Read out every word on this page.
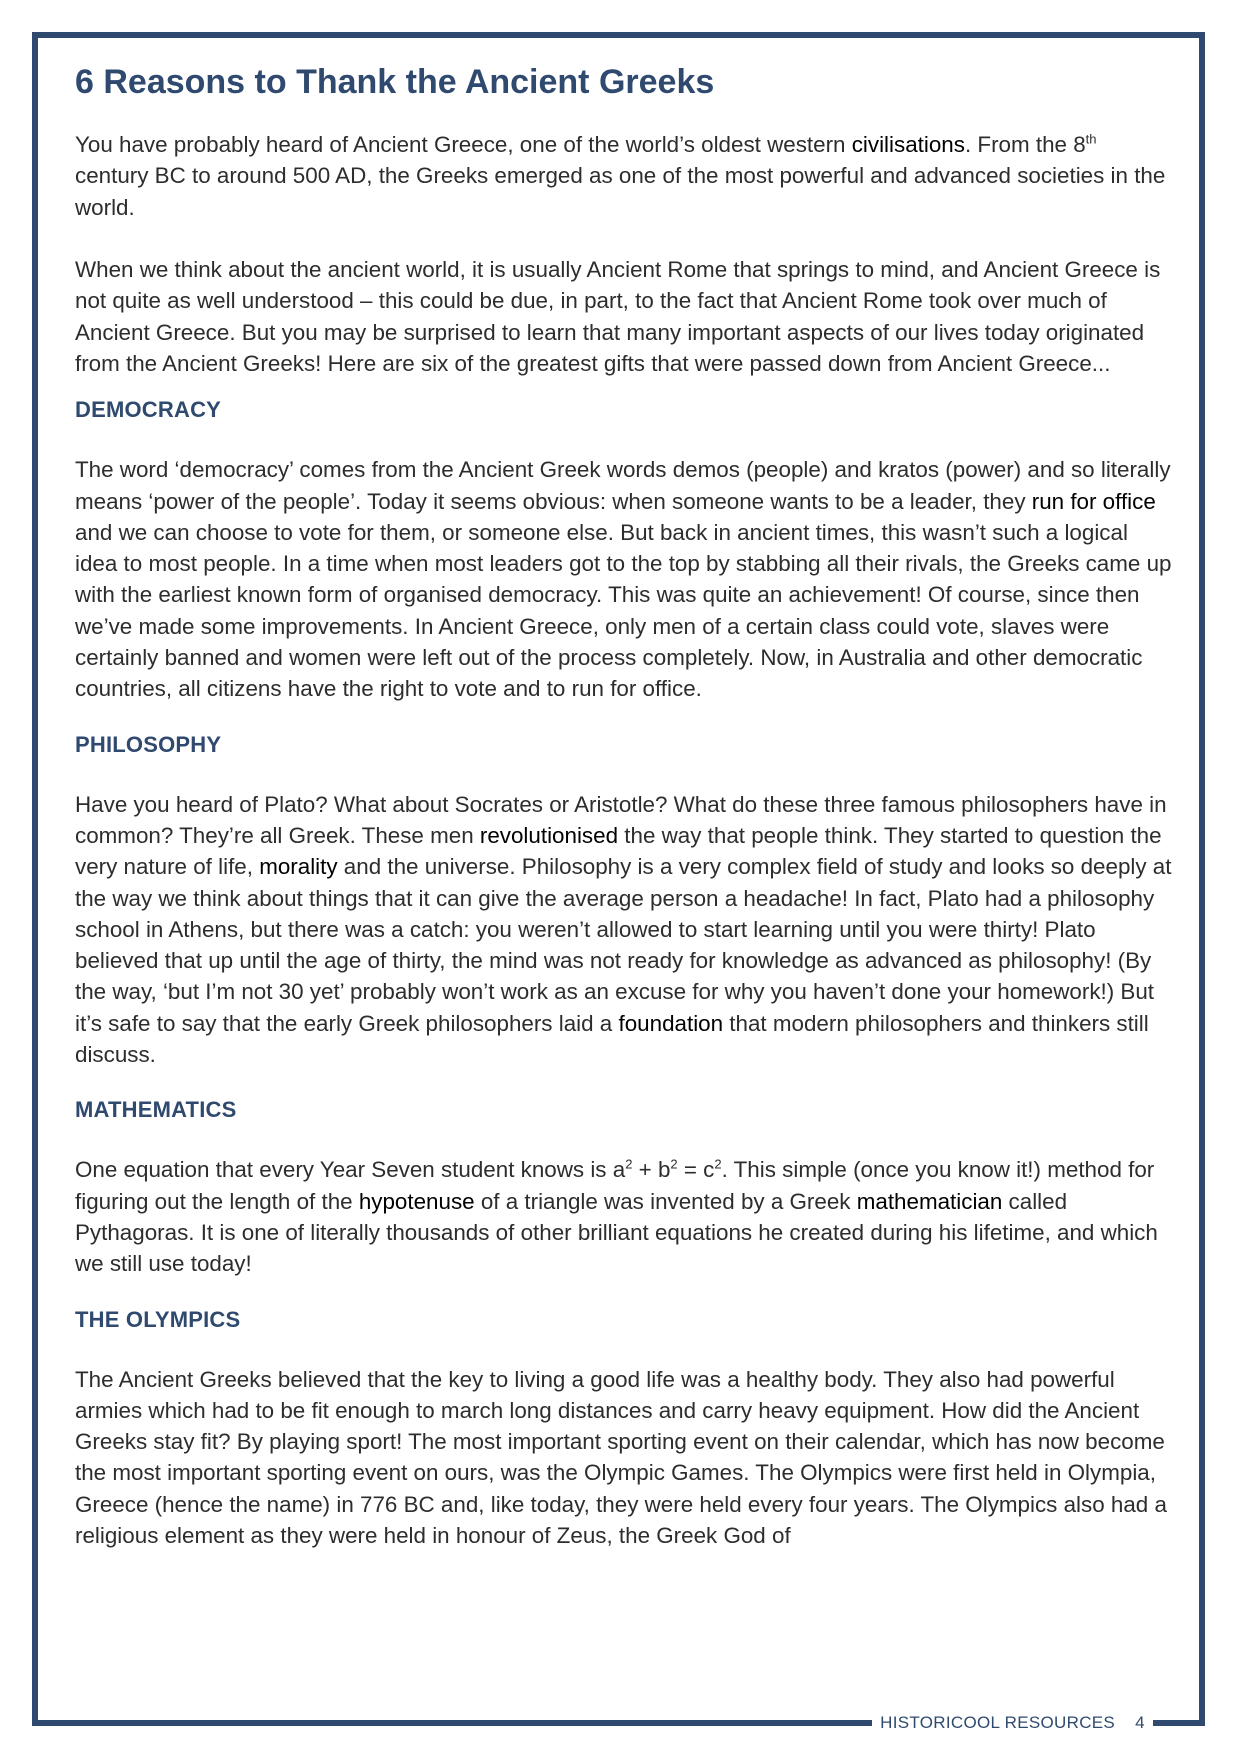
6 Reasons to Thank the Ancient Greeks

You have probably heard of Ancient Greece, one of the world’s oldest western civilisations. From the 8th century BC to around 500 AD, the Greeks emerged as one of the most powerful and advanced societies in the world.

When we think about the ancient world, it is usually Ancient Rome that springs to mind, and Ancient Greece is not quite as well understood – this could be due, in part, to the fact that Ancient Rome took over much of Ancient Greece. But you may be surprised to learn that many important aspects of our lives today originated from the Ancient Greeks! Here are six of the greatest gifts that were passed down from Ancient Greece...

DEMOCRACY

The word ‘democracy’ comes from the Ancient Greek words demos (people) and kratos (power) and so literally means ‘power of the people’. Today it seems obvious: when someone wants to be a leader, they run for office and we can choose to vote for them, or someone else. But back in ancient times, this wasn’t such a logical idea to most people. In a time when most leaders got to the top by stabbing all their rivals, the Greeks came up with the earliest known form of organised democracy. This was quite an achievement! Of course, since then we’ve made some improvements. In Ancient Greece, only men of a certain class could vote, slaves were certainly banned and women were left out of the process completely. Now, in Australia and other democratic countries, all citizens have the right to vote and to run for office.

PHILOSOPHY

Have you heard of Plato? What about Socrates or Aristotle? What do these three famous philosophers have in common? They’re all Greek. These men revolutionised the way that people think. They started to question the very nature of life, morality and the universe. Philosophy is a very complex field of study and looks so deeply at the way we think about things that it can give the average person a headache! In fact, Plato had a philosophy school in Athens, but there was a catch: you weren’t allowed to start learning until you were thirty! Plato believed that up until the age of thirty, the mind was not ready for knowledge as advanced as philosophy! (By the way, ‘but I’m not 30 yet’ probably won’t work as an excuse for why you haven’t done your homework!) But it’s safe to say that the early Greek philosophers laid a foundation that modern philosophers and thinkers still discuss.

MATHEMATICS

One equation that every Year Seven student knows is $a^2 + b^2 = c^2$. This simple (once you know it!) method for figuring out the length of the hypotenuse of a triangle was invented by a Greek mathematician called Pythagoras. It is one of literally thousands of other brilliant equations he created during his lifetime, and which we still use today!

THE OLYMPICS

The Ancient Greeks believed that the key to living a good life was a healthy body. They also had powerful armies which had to be fit enough to march long distances and carry heavy equipment. How did the Ancient Greeks stay fit? By playing sport! The most important sporting event on their calendar, which has now become the most important sporting event on ours, was the Olympic Games. The Olympics were first held in Olympia, Greece (hence the name) in 776 BC and, like today, they were held every four years. The Olympics also had a religious element as they were held in honour of Zeus, the Greek God of

HISTORICOOL RESOURCES 4
